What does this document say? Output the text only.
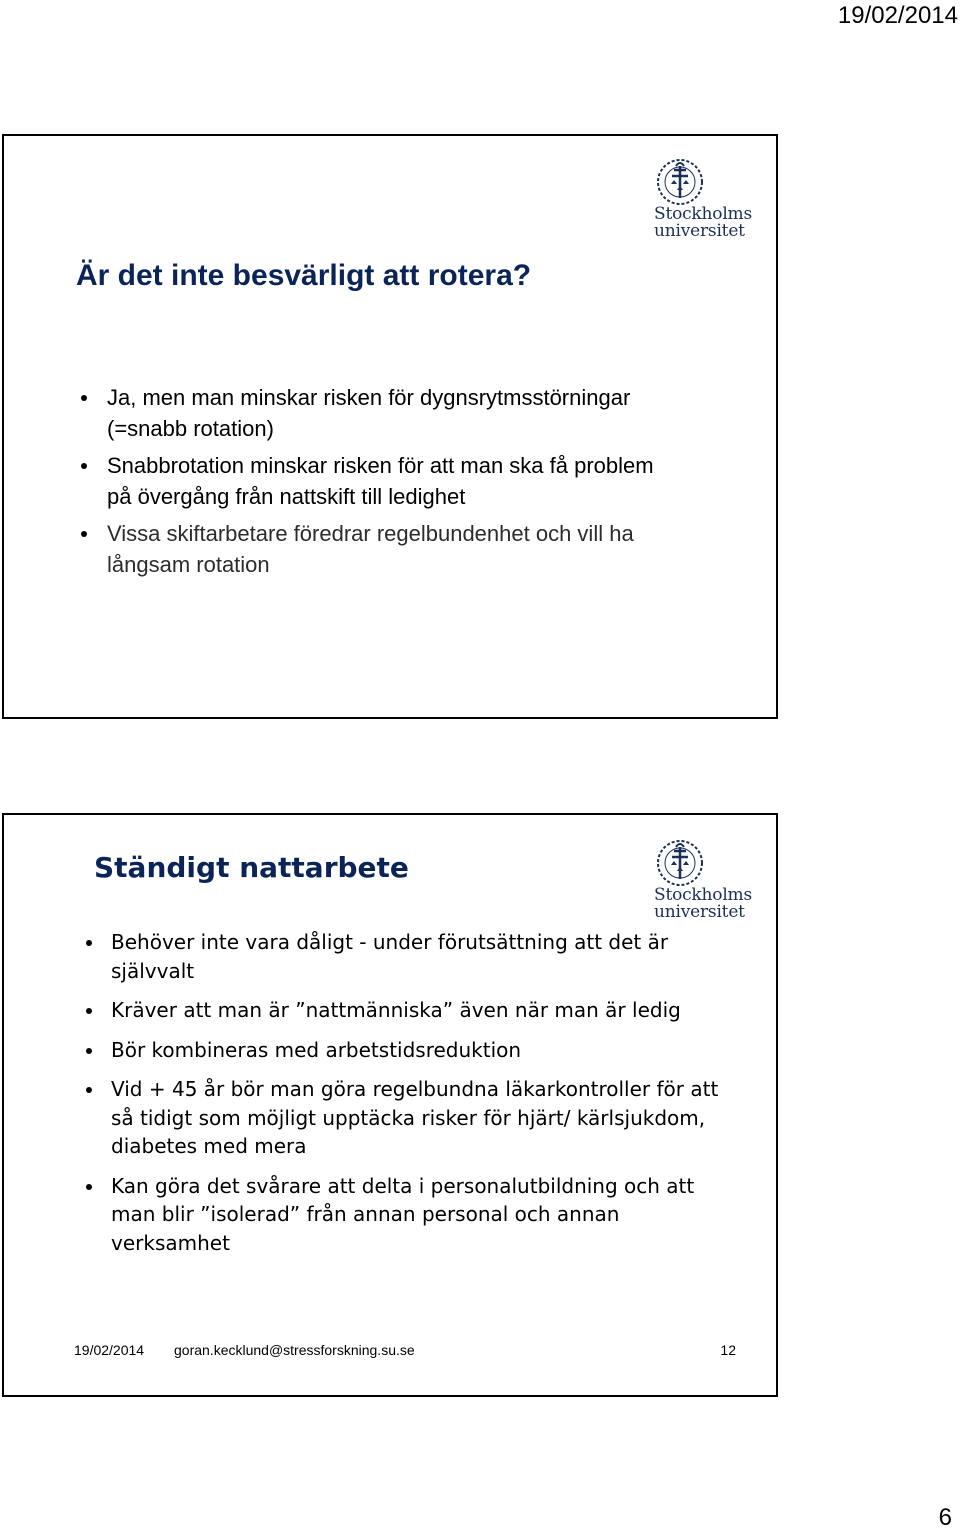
19/02/2014
Stockholms
universitet
Är det inte besvärligt att rotera?
Ja, men man minskar risken för dygnsrytmsstörningar (=snabb rotation)
Snabbrotation minskar risken för att man ska få problem på övergång från nattskift till ledighet
Vissa skiftarbetare föredrar regelbundenhet och vill ha långsam rotation
Stockholms
universitet
Ständigt nattarbete
Behöver inte vara dåligt - under förutsättning att det är självvalt
Kräver att man är ”nattmänniska” även när man är ledig
Bör kombineras med arbetstidsreduktion
Vid + 45 år bör man göra regelbundna läkarkontroller för att så tidigt som möjligt upptäcka risker för hjärt/ kärlsjukdom, diabetes med mera
Kan göra det svårare att delta i personalutbildning och att man blir ”isolerad” från annan personal och annan verksamhet
19/02/2014 goran.kecklund@stressforskning.su.se	12
6
